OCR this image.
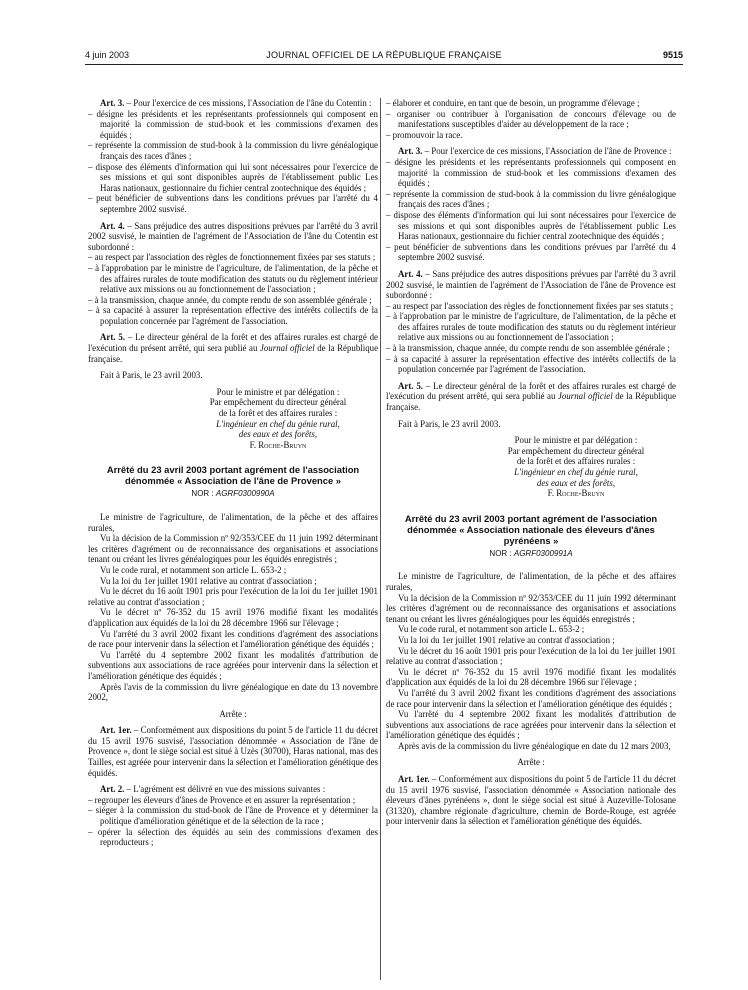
4 juin 2003	JOURNAL OFFICIEL DE LA RÉPUBLIQUE FRANÇAISE	9515

Art. 3. – Pour l'exercice de ces missions, l'Association de l'âne du Cotentin :

– désigne les présidents et les représentants professionnels qui composent en majorité la commission de stud-book et les commissions d'examen des équidés ;

– représente la commission de stud-book à la commission du livre généalogique français des races d'ânes ;

– dispose des éléments d'information qui lui sont nécessaires pour l'exercice de ses missions et qui sont disponibles auprès de l'établissement public Les Haras nationaux, gestionnaire du fichier central zootechnique des équidés ;

– peut bénéficier de subventions dans les conditions prévues par l'arrêté du 4 septembre 2002 susvisé.

Art. 4. – Sans préjudice des autres dispositions prévues par l'arrêté du 3 avril 2002 susvisé, le maintien de l'agrément de l'Association de l'âne du Cotentin est subordonné :

– au respect par l'association des règles de fonctionnement fixées par ses statuts ;

– à l'approbation par le ministre de l'agriculture, de l'alimentation, de la pêche et des affaires rurales de toute modification des statuts ou du règlement intérieur relative aux missions ou au fonctionnement de l'association ;

– à la transmission, chaque année, du compte rendu de son assemblée générale ;

– à sa capacité à assurer la représentation effective des intérêts collectifs de la population concernée par l'agrément de l'association.

Art. 5. – Le directeur général de la forêt et des affaires rurales est chargé de l'exécution du présent arrêté, qui sera publié au Journal officiel de la République française.

Fait à Paris, le 23 avril 2003.

Pour le ministre et par délégation :

Par empêchement du directeur général

de la forêt et des affaires rurales :

L'ingénieur en chef du génie rural,

des eaux et des forêts,

F. Roche-Bruyn

Arrêté du 23 avril 2003 portant agrément de l'association dénommée « Association de l'âne de Provence »

NOR : AGRF0300990A

Le ministre de l'agriculture, de l'alimentation, de la pêche et des affaires rurales,

Vu la décision de la Commission nº 92/353/CEE du 11 juin 1992 déterminant les critères d'agrément ou de reconnaissance des organisations et associations tenant ou créant les livres généalogiques pour les équidés enregistrés ;

Vu le code rural, et notamment son article L. 653-2 ;

Vu la loi du 1er juillet 1901 relative au contrat d'association ;

Vu le décret du 16 août 1901 pris pour l'exécution de la loi du 1er juillet 1901 relative au contrat d'association ;

Vu le décret nº 76-352 du 15 avril 1976 modifié fixant les modalités d'application aux équidés de la loi du 28 décembre 1966 sur l'élevage ;

Vu l'arrêté du 3 avril 2002 fixant les conditions d'agrément des associations de race pour intervenir dans la sélection et l'amélioration génétique des équidés ;

Vu l'arrêté du 4 septembre 2002 fixant les modalités d'attribution de subventions aux associations de race agréées pour intervenir dans la sélection et l'amélioration génétique des équidés ;

Après l'avis de la commission du livre généalogique en date du 13 novembre 2002,

Arrête :

Art. 1er. – Conformément aux dispositions du point 5 de l'article 11 du décret du 15 avril 1976 susvisé, l'association dénommée « Association de l'âne de Provence », dont le siège social est situé à Uzès (30700), Haras national, mas des Tailles, est agréée pour intervenir dans la sélection et l'amélioration génétique des équidés.

Art. 2. – L'agrément est délivré en vue des missions suivantes :

– regrouper les éleveurs d'ânes de Provence et en assurer la représentation ;

– siéger à la commission du stud-book de l'âne de Provence et y déterminer la politique d'amélioration génétique et de la sélection de la race ;

– opérer la sélection des équidés au sein des commissions d'examen des reproducteurs ;

– élaborer et conduire, en tant que de besoin, un programme d'élevage ;

– organiser ou contribuer à l'organisation de concours d'élevage ou de manifestations susceptibles d'aider au développement de la race ;

– promouvoir la race.

Art. 3. – Pour l'exercice de ces missions, l'Association de l'âne de Provence :

– désigne les présidents et les représentants professionnels qui composent en majorité la commission de stud-book et les commissions d'examen des équidés ;

– représente la commission de stud-book à la commission du livre généalogique français des races d'ânes ;

– dispose des éléments d'information qui lui sont nécessaires pour l'exercice de ses missions et qui sont disponibles auprès de l'établissement public Les Haras nationaux, gestionnaire du fichier central zootechnique des équidés ;

– peut bénéficier de subventions dans les conditions prévues par l'arrêté du 4 septembre 2002 susvisé.

Art. 4. – Sans préjudice des autres dispositions prévues par l'arrêté du 3 avril 2002 susvisé, le maintien de l'agrément de l'Association de l'âne de Provence est subordonné :

– au respect par l'association des règles de fonctionnement fixées par ses statuts ;

– à l'approbation par le ministre de l'agriculture, de l'alimentation, de la pêche et des affaires rurales de toute modification des statuts ou du règlement intérieur relative aux missions ou au fonctionnement de l'association ;

– à la transmission, chaque année, du compte rendu de son assemblée générale ;

– à sa capacité à assurer la représentation effective des intérêts collectifs de la population concernée par l'agrément de l'association.

Art. 5. – Le directeur général de la forêt et des affaires rurales est chargé de l'exécution du présent arrêté, qui sera publié au Journal officiel de la République française.

Fait à Paris, le 23 avril 2003.

Pour le ministre et par délégation :

Par empêchement du directeur général

de la forêt et des affaires rurales :

L'ingénieur en chef du génie rural,

des eaux et des forêts,

F. Roche-Bruyn

Arrêté du 23 avril 2003 portant agrément de l'association dénommée « Association nationale des éleveurs d'ânes pyrénéens »

NOR : AGRF0300991A

Le ministre de l'agriculture, de l'alimentation, de la pêche et des affaires rurales,

Vu la décision de la Commission nº 92/353/CEE du 11 juin 1992 déterminant les critères d'agrément ou de reconnaissance des organisations et associations tenant ou créant les livres généalogiques pour les équidés enregistrés ;

Vu le code rural, et notamment son article L. 653-2 ;

Vu la loi du 1er juillet 1901 relative au contrat d'association ;

Vu le décret du 16 août 1901 pris pour l'exécution de la loi du 1er juillet 1901 relative au contrat d'association ;

Vu le décret nº 76-352 du 15 avril 1976 modifié fixant les modalités d'application aux équidés de la loi du 28 décembre 1966 sur l'élevage ;

Vu l'arrêté du 3 avril 2002 fixant les conditions d'agrément des associations de race pour intervenir dans la sélection et l'amélioration génétique des équidés ;

Vu l'arrêté du 4 septembre 2002 fixant les modalités d'attribution de subventions aux associations de race agréées pour intervenir dans la sélection et l'amélioration génétique des équidés ;

Après avis de la commission du livre généalogique en date du 12 mars 2003,

Arrête :

Art. 1er. – Conformément aux dispositions du point 5 de l'article 11 du décret du 15 avril 1976 susvisé, l'association dénommée « Association nationale des éleveurs d'ânes pyrénéens », dont le siège social est situé à Auzeville-Tolosane (31320), chambre régionale d'agriculture, chemin de Borde-Rouge, est agréée pour intervenir dans la sélection et l'amélioration génétique des équidés.
